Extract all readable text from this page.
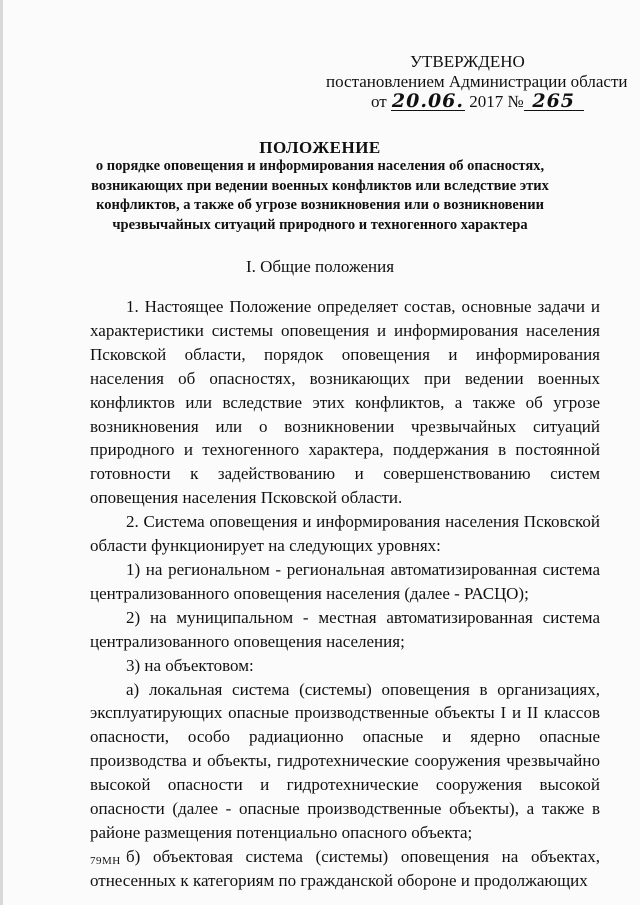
УТВЕРЖДЕНО
постановлением Администрации области
от 20.06. 2017 № 265
ПОЛОЖЕНИЕ
о порядке оповещения и информирования населения об опасностях,
возникающих при ведении военных конфликтов или вследствие этих
конфликтов, а также об угрозе возникновения или о возникновении
чрезвычайных ситуаций природного и техногенного характера
I. Общие положения

1. Настоящее Положение определяет состав, основные задачи и характеристики системы оповещения и информирования населения Псковской области, порядок оповещения и информирования населения об опасностях, возникающих при ведении военных конфликтов или вследствие этих конфликтов, а также об угрозе возникновения или о возникновении чрезвычайных ситуаций природного и техногенного характера, поддержания в постоянной готовности к задействованию и совершенствованию систем оповещения населения Псковской области.

2. Система оповещения и информирования населения Псковской области функционирует на следующих уровнях:

1) на региональном - региональная автоматизированная система централизованного оповещения населения (далее - РАСЦО);

2) на муниципальном - местная автоматизированная система централизованного оповещения населения;

3) на объектовом:

а) локальная система (системы) оповещения в организациях, эксплуатирующих опасные производственные объекты I и II классов опасности, особо радиационно опасные и ядерно опасные производства и объекты, гидротехнические сооружения чрезвычайно высокой опасности и гидротехнические сооружения высокой опасности (далее - опасные производственные объекты), а также в районе размещения потенциально опасного объекта;

б) объектовая система (системы) оповещения на объектах, отнесенных к категориям по гражданской обороне и продолжающих

79МН
